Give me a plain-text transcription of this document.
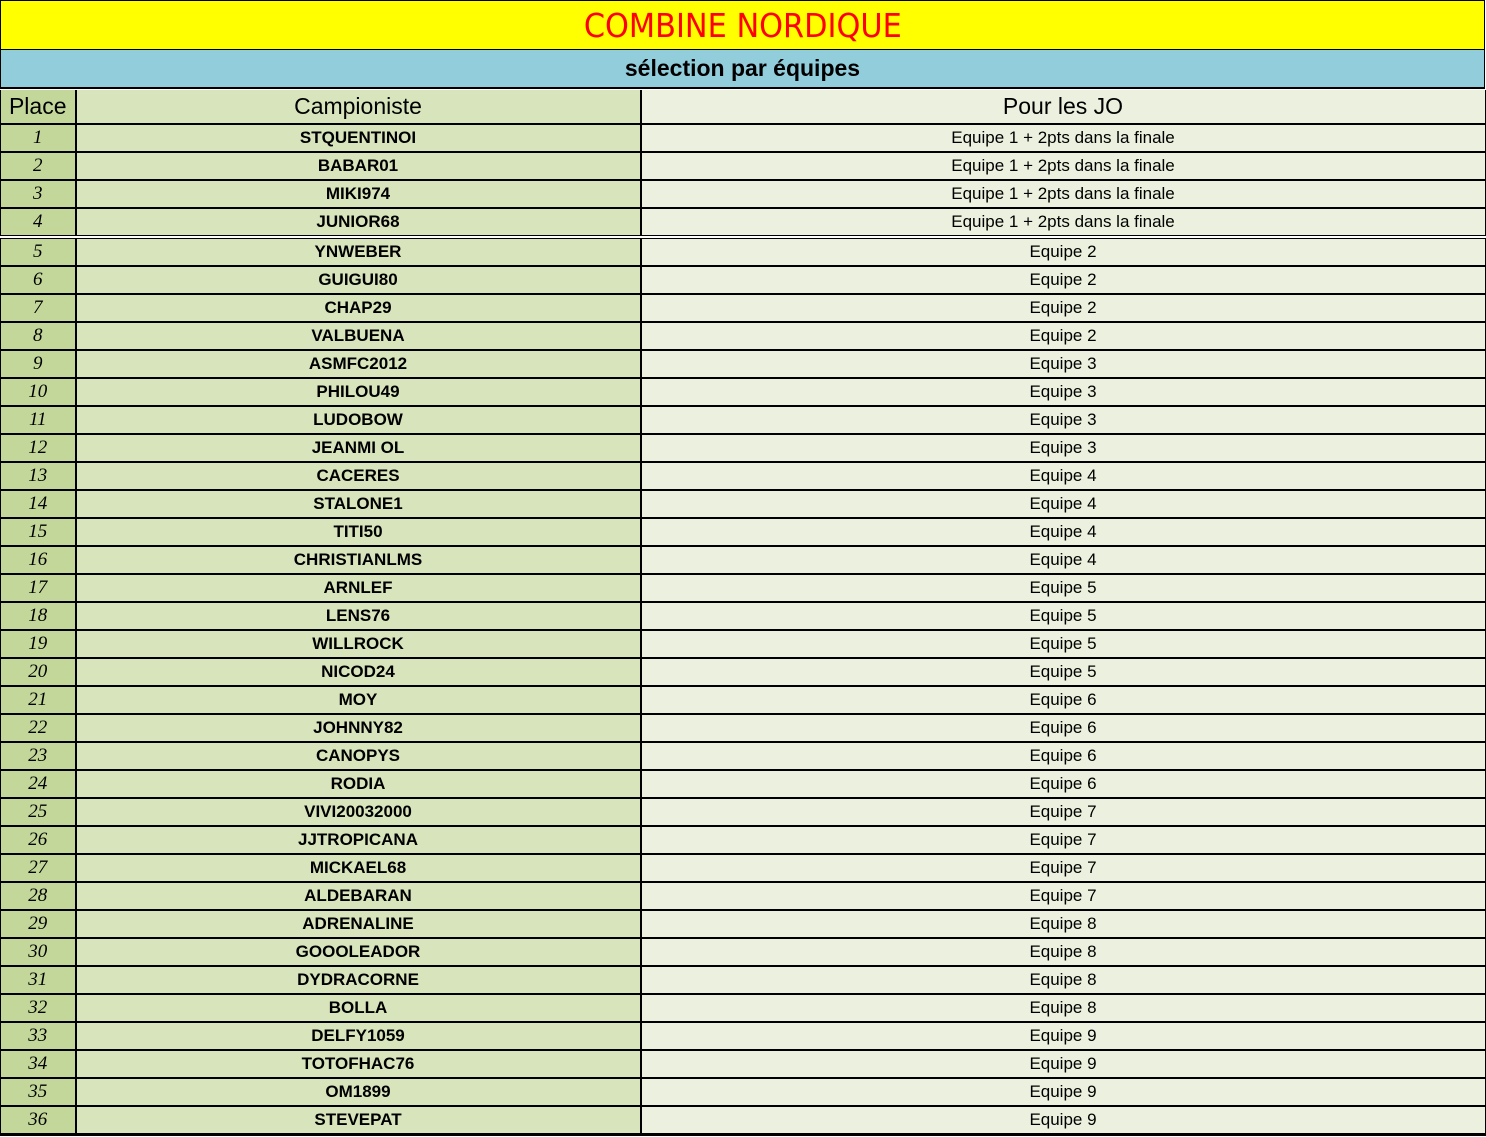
COMBINE NORDIQUE
sélection par équipes
Place	Campioniste	Pour les JO
1	STQUENTINOI	Equipe 1 + 2pts dans la finale
2	BABAR01	Equipe 1 + 2pts dans la finale
3	MIKI974	Equipe 1 + 2pts dans la finale
4	JUNIOR68	Equipe 1 + 2pts dans la finale
5	YNWEBER	Equipe 2
6	GUIGUI80	Equipe 2
7	CHAP29	Equipe 2
8	VALBUENA	Equipe 2
9	ASMFC2012	Equipe 3
10	PHILOU49	Equipe 3
11	LUDOBOW	Equipe 3
12	JEANMI OL	Equipe 3
13	CACERES	Equipe 4
14	STALONE1	Equipe 4
15	TITI50	Equipe 4
16	CHRISTIANLMS	Equipe 4
17	ARNLEF	Equipe 5
18	LENS76	Equipe 5
19	WILLROCK	Equipe 5
20	NICOD24	Equipe 5
21	MOY	Equipe 6
22	JOHNNY82	Equipe 6
23	CANOPYS	Equipe 6
24	RODIA	Equipe 6
25	VIVI20032000	Equipe 7
26	JJTROPICANA	Equipe 7
27	MICKAEL68	Equipe 7
28	ALDEBARAN	Equipe 7
29	ADRENALINE	Equipe 8
30	GOOOLEADOR	Equipe 8
31	DYDRACORNE	Equipe 8
32	BOLLA	Equipe 8
33	DELFY1059	Equipe 9
34	TOTOFHAC76	Equipe 9
35	OM1899	Equipe 9
36	STEVEPAT	Equipe 9
